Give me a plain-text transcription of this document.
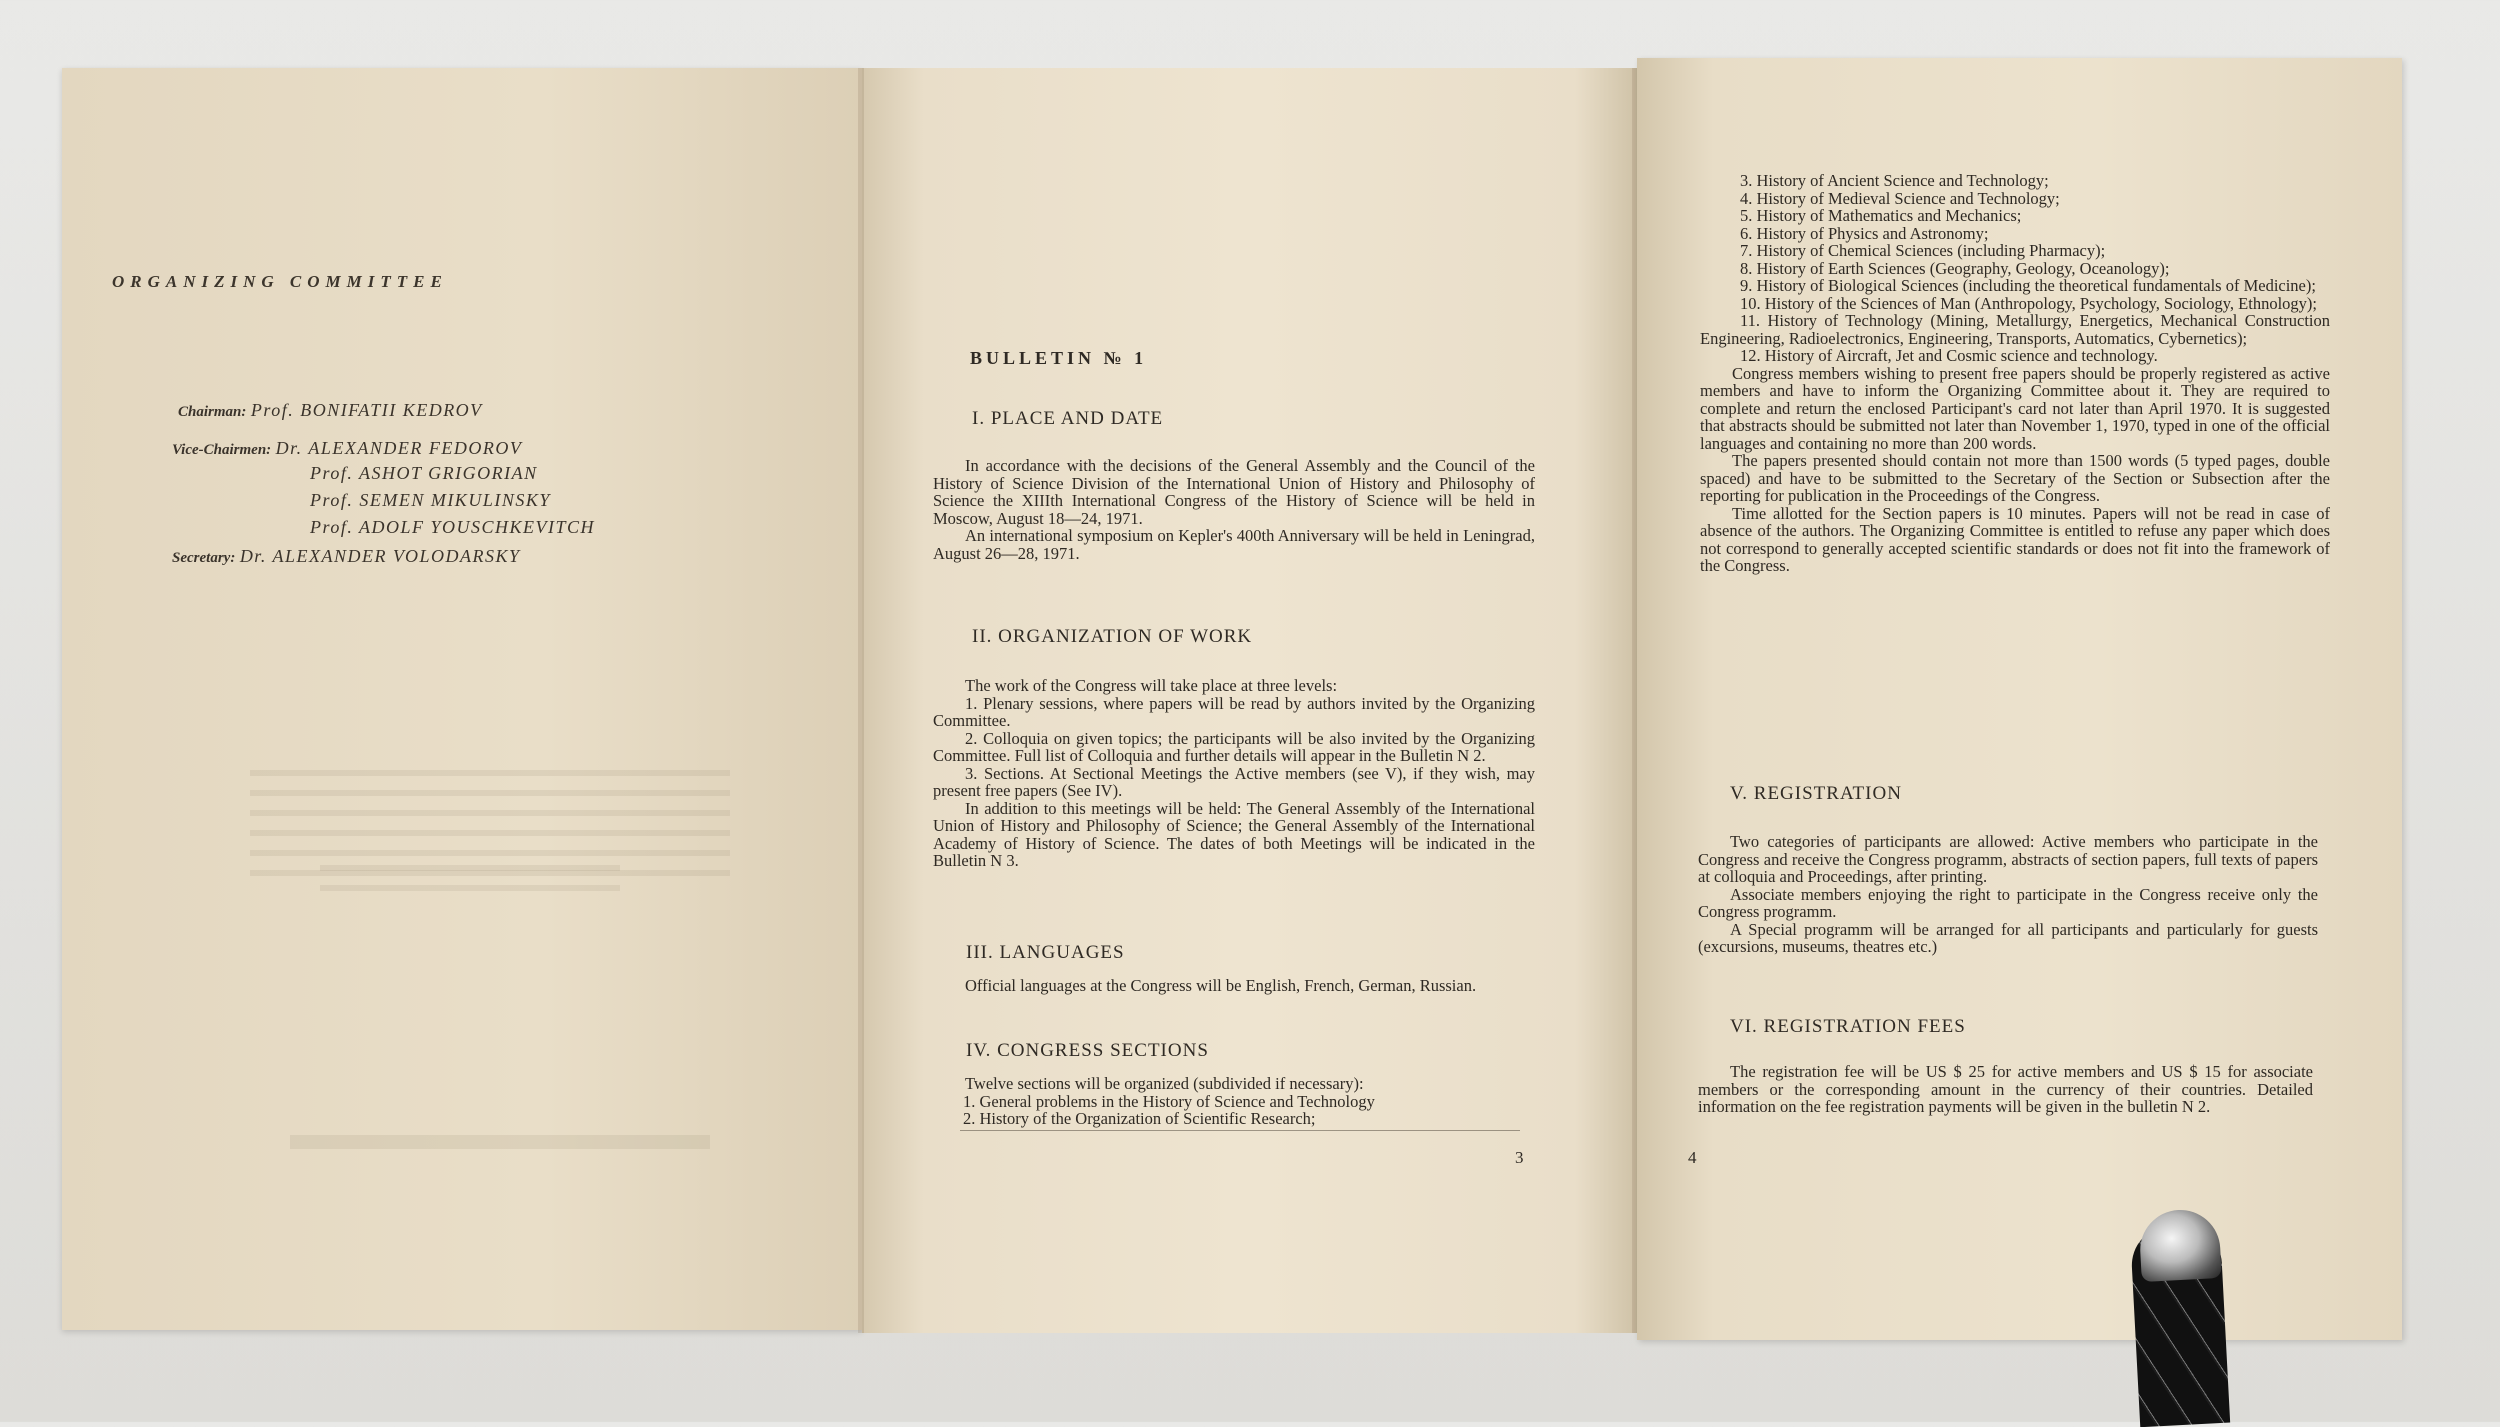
ORGANIZING COMMITTEE
Chairman: Prof. BONIFATII KEDROV
Vice-Chairmen: Dr. ALEXANDER FEDOROV
Prof. ASHOT GRIGORIAN
Prof. SEMEN MIKULINSKY
Prof. ADOLF YOUSCHKEVITCH
Secretary: Dr. ALEXANDER VOLODARSKY
BULLETIN № 1
I. PLACE AND DATE

In accordance with the decisions of the General Assembly and the Council of the History of Science Division of the International Union of History and Philosophy of Science the XIIIth International Congress of the History of Science will be held in Moscow, August 18—24, 1971.

An international symposium on Kepler's 400th Anniversary will be held in Leningrad, August 26—28, 1971.

II. ORGANIZATION OF WORK

The work of the Congress will take place at three levels:

1. Plenary sessions, where papers will be read by authors invited by the Organizing Committee.

2. Colloquia on given topics; the participants will be also invited by the Organizing Committee. Full list of Colloquia and further details will appear in the Bulletin N 2.

3. Sections. At Sectional Meetings the Active members (see V), if they wish, may present free papers (See IV).

In addition to this meetings will be held: The General Assembly of the International Union of History and Philosophy of Science; the General Assembly of the International Academy of History of Science. The dates of both Meetings will be indicated in the Bulletin N 3.

III. LANGUAGES

Official languages at the Congress will be English, French, German, Russian.

IV. CONGRESS SECTIONS

Twelve sections will be organized (subdivided if necessary):

1. General problems in the History of Science and Technology

2. History of the Organization of Scientific Research;

3

3. History of Ancient Science and Technology;

4. History of Medieval Science and Technology;

5. History of Mathematics and Mechanics;

6. History of Physics and Astronomy;

7. History of Chemical Sciences (including Pharmacy);

8. History of Earth Sciences (Geography, Geology, Oceanology);

9. History of Biological Sciences (including the theoretical fundamentals of Medicine);

10. History of the Sciences of Man (Anthropology, Psychology, Sociology, Ethnology);

11. History of Technology (Mining, Metallurgy, Energetics, Mechanical Construction Engineering, Radioelectronics, Engineering, Transports, Automatics, Cybernetics);

12. History of Aircraft, Jet and Cosmic science and technology.

Congress members wishing to present free papers should be properly registered as active members and have to inform the Organizing Committee about it. They are required to complete and return the enclosed Participant's card not later than April 1970. It is suggested that abstracts should be submitted not later than November 1, 1970, typed in one of the official languages and containing no more than 200 words.

The papers presented should contain not more than 1500 words (5 typed pages, double spaced) and have to be submitted to the Secretary of the Section or Subsection after the reporting for publication in the Proceedings of the Congress.

Time allotted for the Section papers is 10 minutes. Papers will not be read in case of absence of the authors. The Organizing Committee is entitled to refuse any paper which does not correspond to generally accepted scientific standards or does not fit into the framework of the Congress.

V. REGISTRATION

Two categories of participants are allowed: Active members who participate in the Congress and receive the Congress programm, abstracts of section papers, full texts of papers at colloquia and Proceedings, after printing.

Associate members enjoying the right to participate in the Congress receive only the Congress programm.

A Special programm will be arranged for all participants and particularly for guests (excursions, museums, theatres etc.)

VI. REGISTRATION FEES

The registration fee will be US $ 25 for active members and US $ 15 for associate members or the corresponding amount in the currency of their countries. Detailed information on the fee registration payments will be given in the bulletin N 2.

4
